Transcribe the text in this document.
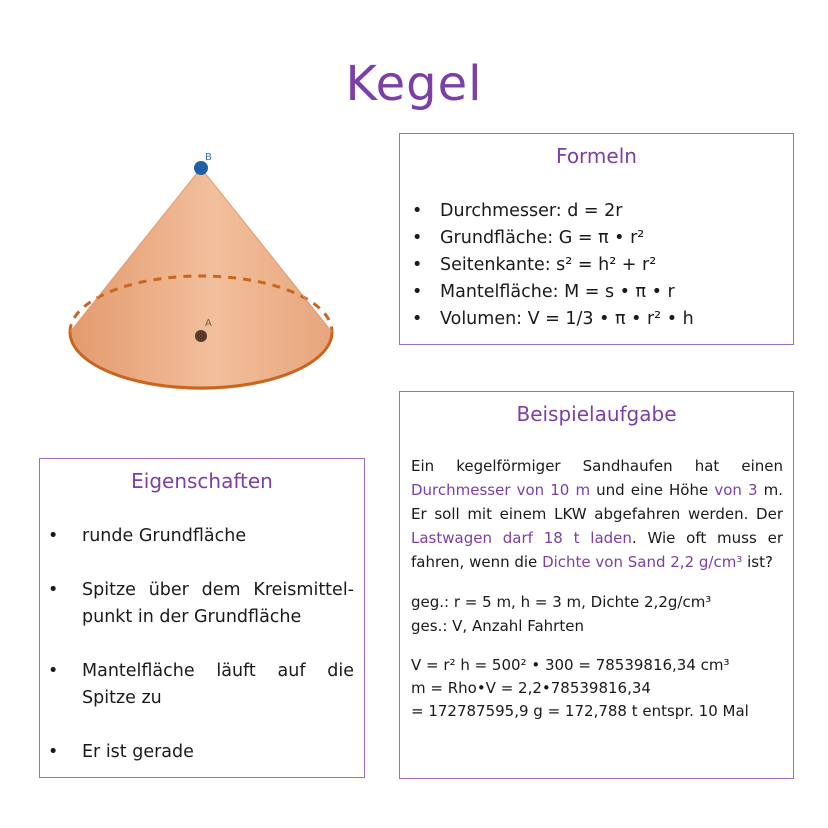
Kegel
B
A
Formeln
• Durchmesser: d = 2r
• Grundfläche: G = π • r²
• Seitenkante: s² = h² + r²
• Mantelfläche: M = s • π • r
• Volumen: V = 1/3 • π • r² • h
Beispielaufgabe
Ein kegelförmiger Sandhaufen hat einen Durchmesser von 10 m und eine Höhe von 3 m. Er soll mit einem LKW abgefahren werden. Der Lastwagen darf 18 t laden. Wie oft muss er fahren, wenn die Dichte von Sand 2,2 g/cm³ ist?
geg.: r = 5 m, h = 3 m, Dichte 2,2g/cm³
ges.: V, Anzahl Fahrten
V = r² h = 500² • 300 = 78539816,34 cm³
m = Rho•V = 2,2•78539816,34
= 172787595,9 g = 172,788 t entspr. 10 Mal
Eigenschaften
•	runde Grundfläche
•	Spitze über dem Kreismittel-punkt in der Grundfläche
•	Mantelfläche läuft auf die Spitze zu
•	Er ist gerade
